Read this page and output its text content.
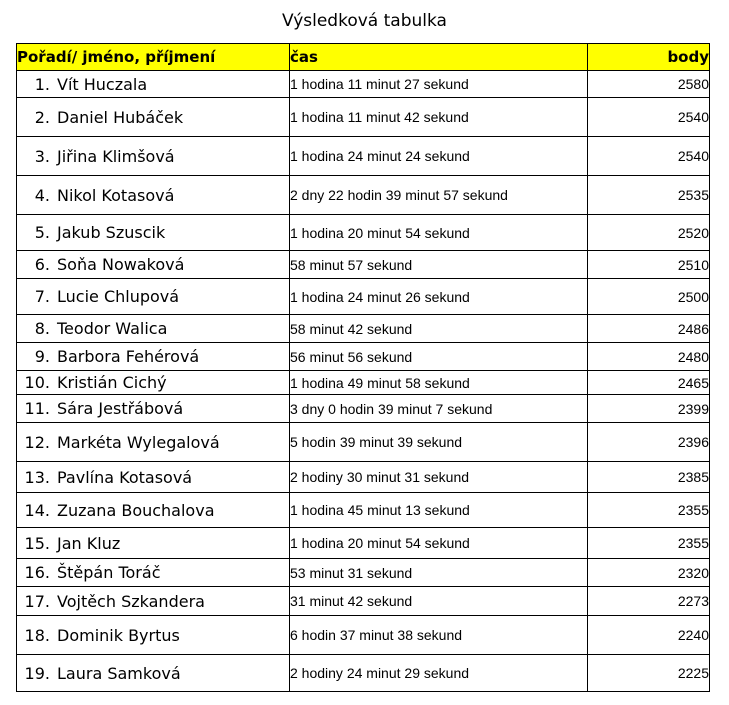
Výsledková tabulka
Pořadí/ jméno, příjmení	čas	body
1. Vít Huczala	1 hodina 11 minut 27 sekund	2580
2. Daniel Hubáček	1 hodina 11 minut 42 sekund	2540
3. Jiřina Klimšová	1 hodina 24 minut 24 sekund	2540
4. Nikol Kotasová	2 dny 22 hodin 39 minut 57 sekund	2535
5. Jakub Szuscik	1 hodina 20 minut 54 sekund	2520
6. Soňa Nowaková	58 minut 57 sekund	2510
7. Lucie Chlupová	1 hodina 24 minut 26 sekund	2500
8. Teodor Walica	58 minut 42 sekund	2486
9. Barbora Fehérová	56 minut 56 sekund	2480
10. Kristián Cichý	1 hodina 49 minut 58 sekund	2465
11. Sára Jestřábová	3 dny 0 hodin 39 minut 7 sekund	2399
12. Markéta Wylegalová	5 hodin 39 minut 39 sekund	2396
13. Pavlína Kotasová	2 hodiny 30 minut 31 sekund	2385
14. Zuzana Bouchalova	1 hodina 45 minut 13 sekund	2355
15. Jan Kluz	1 hodina 20 minut 54 sekund	2355
16. Štěpán Toráč	53 minut 31 sekund	2320
17. Vojtěch Szkandera	31 minut 42 sekund	2273
18. Dominik Byrtus	6 hodin 37 minut 38 sekund	2240
19. Laura Samková	2 hodiny 24 minut 29 sekund	2225
